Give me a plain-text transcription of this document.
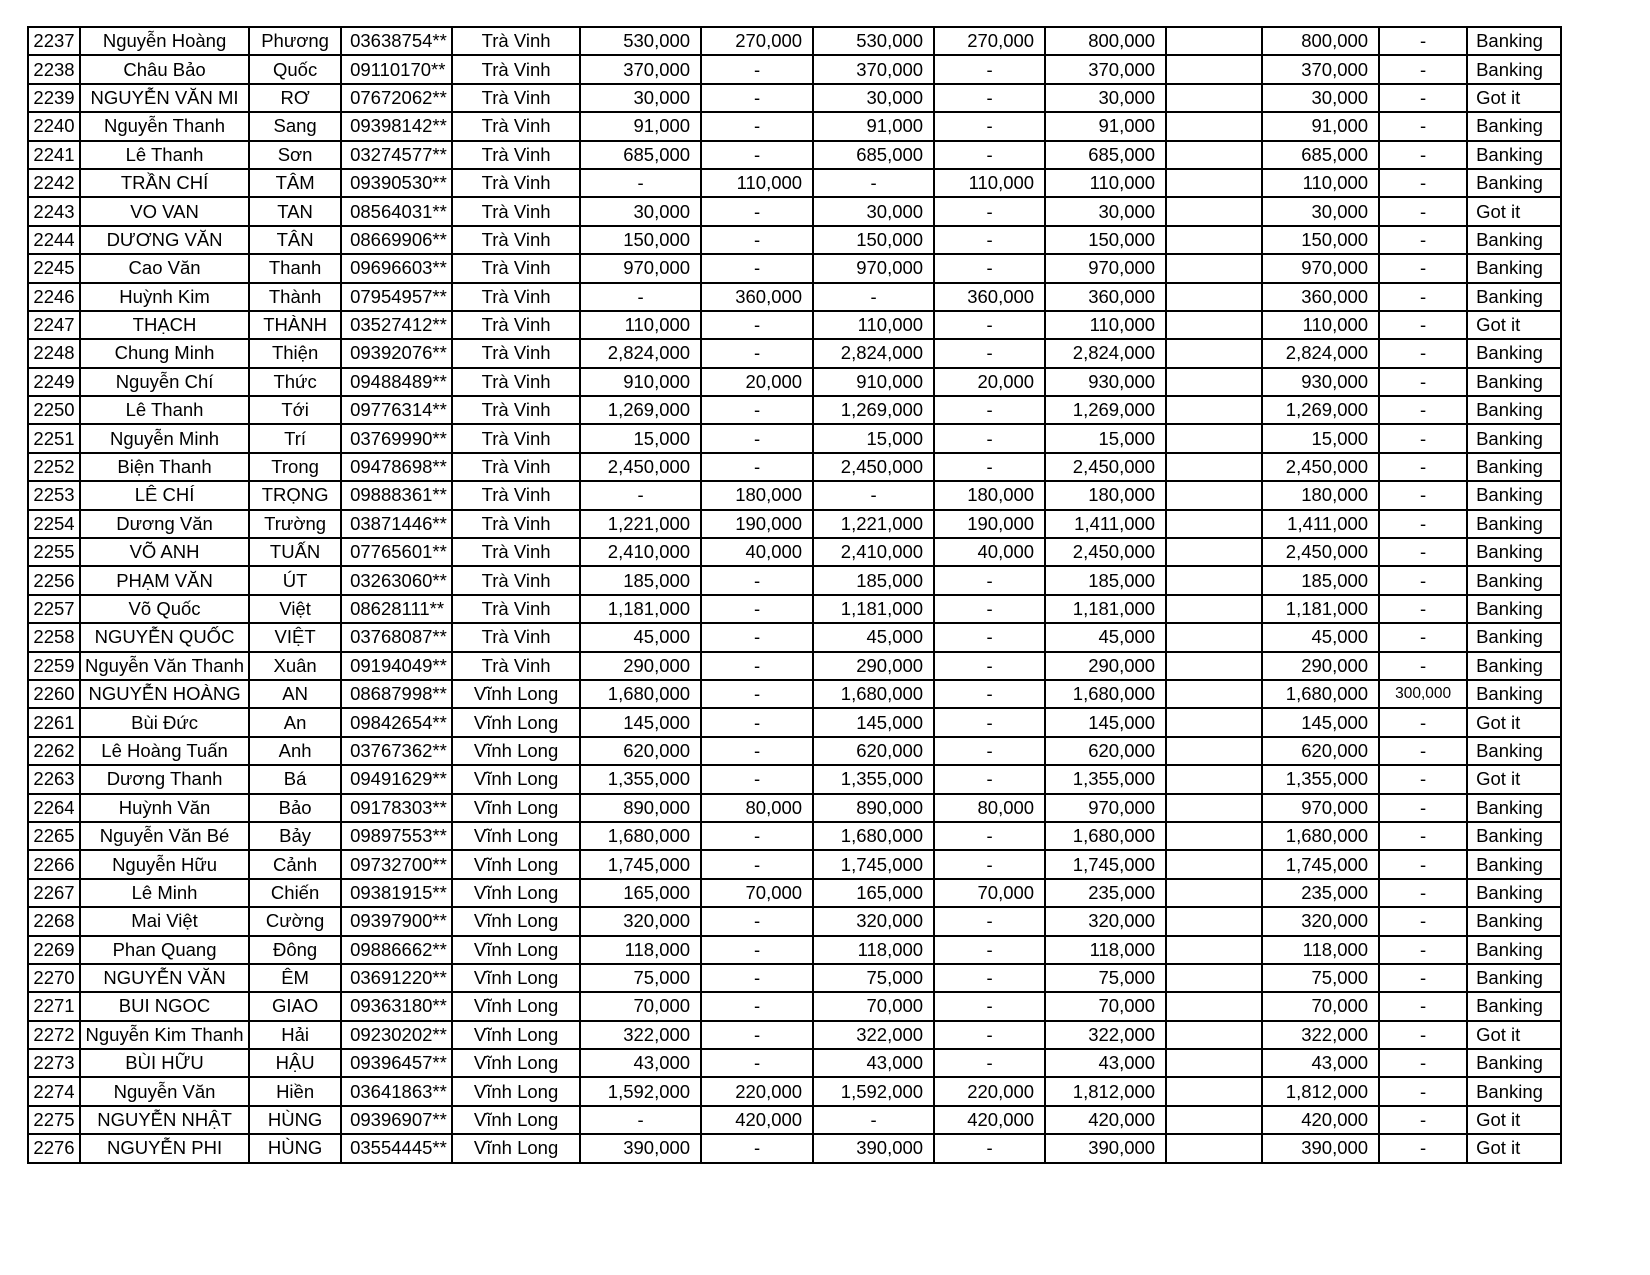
2237	Nguyễn Hoàng	Phương	03638754**	Trà Vinh	530,000	270,000	530,000	270,000	800,000		800,000	-	Banking
2238	Châu Bảo	Quốc	09110170**	Trà Vinh	370,000	-	370,000	-	370,000		370,000	-	Banking
2239	NGUYỄN VĂN MI	RƠ	07672062**	Trà Vinh	30,000	-	30,000	-	30,000		30,000	-	Got it
2240	Nguyễn Thanh	Sang	09398142**	Trà Vinh	91,000	-	91,000	-	91,000		91,000	-	Banking
2241	Lê Thanh	Sơn	03274577**	Trà Vinh	685,000	-	685,000	-	685,000		685,000	-	Banking
2242	TRẦN CHÍ	TÂM	09390530**	Trà Vinh	-	110,000	-	110,000	110,000		110,000	-	Banking
2243	VO VAN	TAN	08564031**	Trà Vinh	30,000	-	30,000	-	30,000		30,000	-	Got it
2244	DƯƠNG VĂN	TÂN	08669906**	Trà Vinh	150,000	-	150,000	-	150,000		150,000	-	Banking
2245	Cao Văn	Thanh	09696603**	Trà Vinh	970,000	-	970,000	-	970,000		970,000	-	Banking
2246	Huỳnh Kim	Thành	07954957**	Trà Vinh	-	360,000	-	360,000	360,000		360,000	-	Banking
2247	THẠCH	THÀNH	03527412**	Trà Vinh	110,000	-	110,000	-	110,000		110,000	-	Got it
2248	Chung Minh	Thiện	09392076**	Trà Vinh	2,824,000	-	2,824,000	-	2,824,000		2,824,000	-	Banking
2249	Nguyễn Chí	Thức	09488489**	Trà Vinh	910,000	20,000	910,000	20,000	930,000		930,000	-	Banking
2250	Lê Thanh	Tới	09776314**	Trà Vinh	1,269,000	-	1,269,000	-	1,269,000		1,269,000	-	Banking
2251	Nguyễn Minh	Trí	03769990**	Trà Vinh	15,000	-	15,000	-	15,000		15,000	-	Banking
2252	Biện Thanh	Trong	09478698**	Trà Vinh	2,450,000	-	2,450,000	-	2,450,000		2,450,000	-	Banking
2253	LÊ CHÍ	TRỌNG	09888361**	Trà Vinh	-	180,000	-	180,000	180,000		180,000	-	Banking
2254	Dương Văn	Trường	03871446**	Trà Vinh	1,221,000	190,000	1,221,000	190,000	1,411,000		1,411,000	-	Banking
2255	VÕ ANH	TUẤN	07765601**	Trà Vinh	2,410,000	40,000	2,410,000	40,000	2,450,000		2,450,000	-	Banking
2256	PHẠM VĂN	ÚT	03263060**	Trà Vinh	185,000	-	185,000	-	185,000		185,000	-	Banking
2257	Võ Quốc	Việt	08628111**	Trà Vinh	1,181,000	-	1,181,000	-	1,181,000		1,181,000	-	Banking
2258	NGUYỄN QUỐC	VIỆT	03768087**	Trà Vinh	45,000	-	45,000	-	45,000		45,000	-	Banking
2259	Nguyễn Văn Thanh	Xuân	09194049**	Trà Vinh	290,000	-	290,000	-	290,000		290,000	-	Banking
2260	NGUYỄN HOÀNG	AN	08687998**	Vĩnh Long	1,680,000	-	1,680,000	-	1,680,000		1,680,000	300,000	Banking
2261	Bùi Đức	An	09842654**	Vĩnh Long	145,000	-	145,000	-	145,000		145,000	-	Got it
2262	Lê Hoàng Tuấn	Anh	03767362**	Vĩnh Long	620,000	-	620,000	-	620,000		620,000	-	Banking
2263	Dương Thanh	Bá	09491629**	Vĩnh Long	1,355,000	-	1,355,000	-	1,355,000		1,355,000	-	Got it
2264	Huỳnh Văn	Bảo	09178303**	Vĩnh Long	890,000	80,000	890,000	80,000	970,000		970,000	-	Banking
2265	Nguyễn Văn Bé	Bảy	09897553**	Vĩnh Long	1,680,000	-	1,680,000	-	1,680,000		1,680,000	-	Banking
2266	Nguyễn Hữu	Cảnh	09732700**	Vĩnh Long	1,745,000	-	1,745,000	-	1,745,000		1,745,000	-	Banking
2267	Lê Minh	Chiến	09381915**	Vĩnh Long	165,000	70,000	165,000	70,000	235,000		235,000	-	Banking
2268	Mai Việt	Cường	09397900**	Vĩnh Long	320,000	-	320,000	-	320,000		320,000	-	Banking
2269	Phan Quang	Đông	09886662**	Vĩnh Long	118,000	-	118,000	-	118,000		118,000	-	Banking
2270	NGUYỄN VĂN	ÊM	03691220**	Vĩnh Long	75,000	-	75,000	-	75,000		75,000	-	Banking
2271	BUI NGOC	GIAO	09363180**	Vĩnh Long	70,000	-	70,000	-	70,000		70,000	-	Banking
2272	Nguyễn Kim Thanh	Hải	09230202**	Vĩnh Long	322,000	-	322,000	-	322,000		322,000	-	Got it
2273	BÙI HỮU	HẬU	09396457**	Vĩnh Long	43,000	-	43,000	-	43,000		43,000	-	Banking
2274	Nguyễn Văn	Hiền	03641863**	Vĩnh Long	1,592,000	220,000	1,592,000	220,000	1,812,000		1,812,000	-	Banking
2275	NGUYỄN NHẬT	HÙNG	09396907**	Vĩnh Long	-	420,000	-	420,000	420,000		420,000	-	Got it
2276	NGUYỄN PHI	HÙNG	03554445**	Vĩnh Long	390,000	-	390,000	-	390,000		390,000	-	Got it
